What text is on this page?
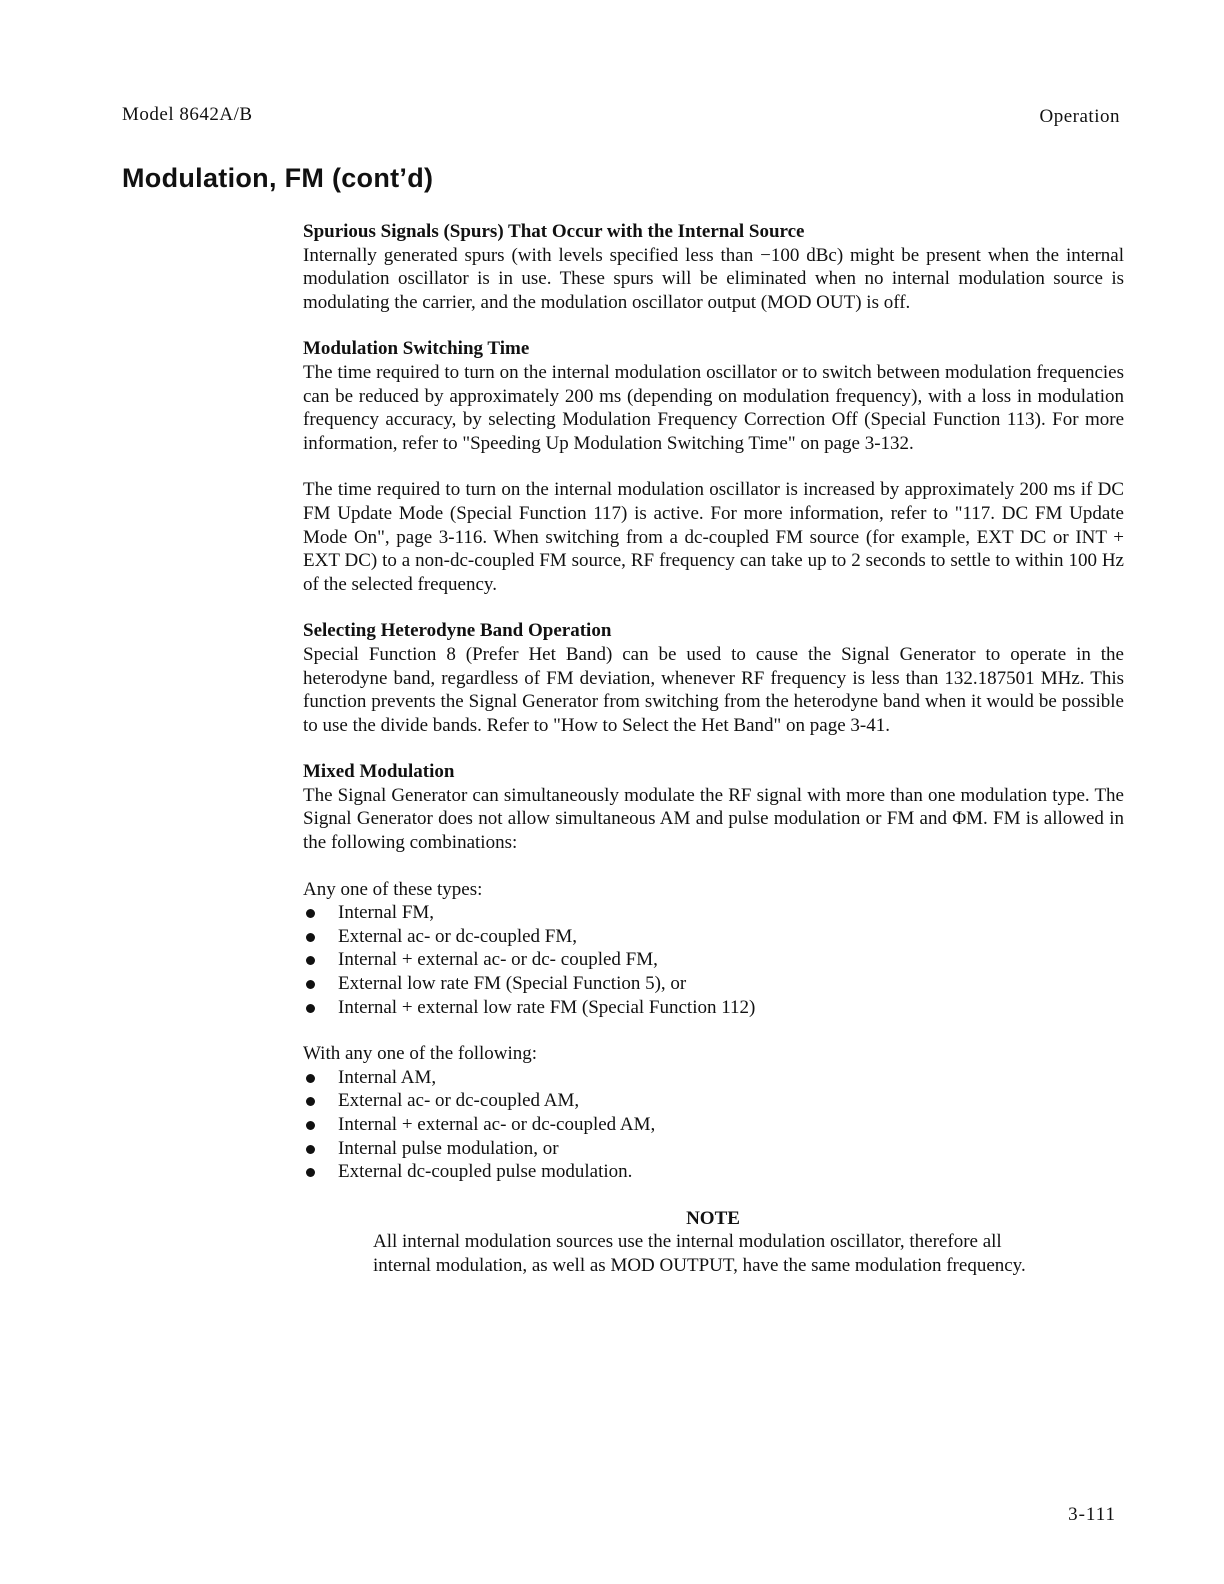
Model 8642A/B	Operation
Modulation, FM (cont’d)
Spurious Signals (Spurs) That Occur with the Internal Source

Internally generated spurs (with levels specified less than −100 dBc) might be present when the internal modulation oscillator is in use. These spurs will be eliminated when no internal modulation source is modulating the carrier, and the modulation oscillator output (MOD OUT) is off.

Modulation Switching Time

The time required to turn on the internal modulation oscillator or to switch between modulation frequencies can be reduced by approximately 200 ms (depending on modulation frequency), with a loss in modulation frequency accuracy, by selecting Modulation Frequency Correction Off (Special Function 113). For more information, refer to "Speeding Up Modulation Switching Time" on page 3-132.

The time required to turn on the internal modulation oscillator is increased by approximately 200 ms if DC FM Update Mode (Special Function 117) is active. For more information, refer to "117. DC FM Update Mode On", page 3-116. When switching from a dc-coupled FM source (for example, EXT DC or INT + EXT DC) to a non-dc-coupled FM source, RF frequency can take up to 2 seconds to settle to within 100 Hz of the selected frequency.

Selecting Heterodyne Band Operation

Special Function 8 (Prefer Het Band) can be used to cause the Signal Generator to operate in the heterodyne band, regardless of FM deviation, whenever RF frequency is less than 132.187501 MHz. This function prevents the Signal Generator from switching from the heterodyne band when it would be possible to use the divide bands. Refer to "How to Select the Het Band" on page 3-41.

Mixed Modulation

The Signal Generator can simultaneously modulate the RF signal with more than one modulation type. The Signal Generator does not allow simultaneous AM and pulse modulation or FM and ΦM. FM is allowed in the following combinations:

Any one of these types:

Internal FM,
External ac- or dc-coupled FM,
Internal + external ac- or dc- coupled FM,
External low rate FM (Special Function 5), or
Internal + external low rate FM (Special Function 112)

With any one of the following:

Internal AM,
External ac- or dc-coupled AM,
Internal + external ac- or dc-coupled AM,
Internal pulse modulation, or
External dc-coupled pulse modulation.

NOTE

All internal modulation sources use the internal modulation oscillator, therefore all internal modulation, as well as MOD OUTPUT, have the same modulation frequency.

3-111
